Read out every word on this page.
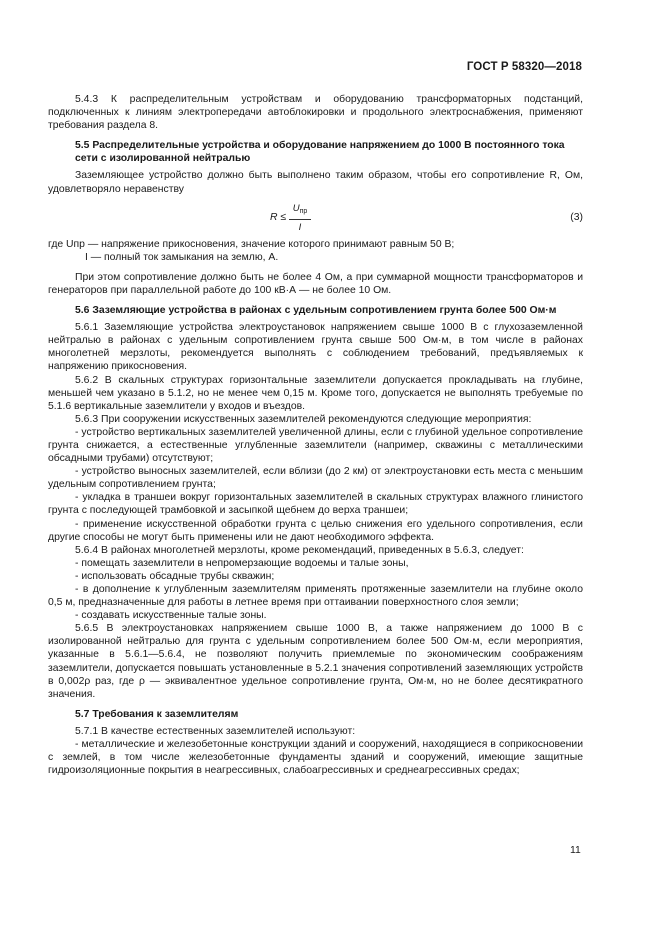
ГОСТ Р 58320—2018

5.4.3 К распределительным устройствам и оборудованию трансформаторных подстанций, подключенных к линиям электропередачи автоблокировки и продольного электроснабжения, применяют требования раздела 8.

5.5 Распределительные устройства и оборудование напряжением до 1000 В постоянного тока сети с изолированной нейтралью

Заземляющее устройство должно быть выполнено таким образом, чтобы его сопротивление R, Ом, удовлетворяло неравенству

R ≤
$U_{пр}$
I
(3)

где Uпр — напряжение прикосновения, значение которого принимают равным 50 В;

I — полный ток замыкания на землю, А.

При этом сопротивление должно быть не более 4 Ом, а при суммарной мощности трансформаторов и генераторов при параллельной работе до 100 кВ·А — не более 10 Ом.

5.6 Заземляющие устройства в районах с удельным сопротивлением грунта более 500 Ом·м

5.6.1 Заземляющие устройства электроустановок напряжением свыше 1000 В с глухозаземленной нейтралью в районах с удельным сопротивлением грунта свыше 500 Ом·м, в том числе в районах многолетней мерзлоты, рекомендуется выполнять с соблюдением требований, предъявляемых к напряжению прикосновения.

5.6.2 В скальных структурах горизонтальные заземлители допускается прокладывать на глубине, меньшей чем указано в 5.1.2, но не менее чем 0,15 м. Кроме того, допускается не выполнять требуемые по 5.1.6 вертикальные заземлители у входов и въездов.

5.6.3 При сооружении искусственных заземлителей рекомендуются следующие мероприятия:

- устройство вертикальных заземлителей увеличенной длины, если с глубиной удельное сопротивление грунта снижается, а естественные углубленные заземлители (например, скважины с металлическими обсадными трубами) отсутствуют;

- устройство выносных заземлителей, если вблизи (до 2 км) от электроустановки есть места с меньшим удельным сопротивлением грунта;

- укладка в траншеи вокруг горизонтальных заземлителей в скальных структурах влажного глинистого грунта с последующей трамбовкой и засыпкой щебнем до верха траншеи;

- применение искусственной обработки грунта с целью снижения его удельного сопротивления, если другие способы не могут быть применены или не дают необходимого эффекта.

5.6.4 В районах многолетней мерзлоты, кроме рекомендаций, приведенных в 5.6.3, следует:

- помещать заземлители в непромерзающие водоемы и талые зоны,

- использовать обсадные трубы скважин;

- в дополнение к углубленным заземлителям применять протяженные заземлители на глубине около 0,5 м, предназначенные для работы в летнее время при оттаивании поверхностного слоя земли;

- создавать искусственные талые зоны.

5.6.5 В электроустановках напряжением свыше 1000 В, а также напряжением до 1000 В с изолированной нейтралью для грунта с удельным сопротивлением более 500 Ом·м, если мероприятия, указанные в 5.6.1—5.6.4, не позволяют получить приемлемые по экономическим соображениям заземлители, допускается повышать установленные в 5.2.1 значения сопротивлений заземляющих устройств в 0,002ρ раз, где ρ — эквивалентное удельное сопротивление грунта, Ом·м, но не более десятикратного значения.

5.7 Требования к заземлителям

5.7.1 В качестве естественных заземлителей используют:

- металлические и железобетонные конструкции зданий и сооружений, находящиеся в соприкосновении с землей, в том числе железобетонные фундаменты зданий и сооружений, имеющие защитные гидроизоляционные покрытия в неагрессивных, слабоагрессивных и среднеагрессивных средах;

11
